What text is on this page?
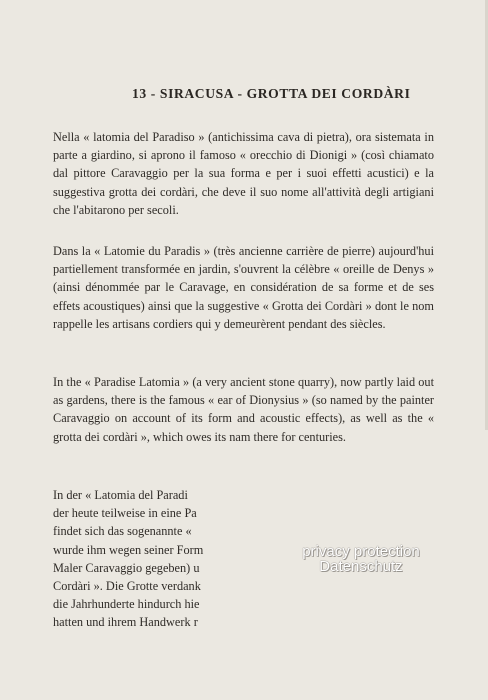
13 - SIRACUSA - GROTTA DEI CORDÀRI
Nella « latomia del Paradiso » (antichissima cava di pietra), ora sistemata in parte a giardino, si aprono il famoso « orecchio di Dionigi » (così chiamato dal pittore Caravaggio per la sua forma e per i suoi effetti acustici) e la suggestiva grotta dei cordàri, che deve il suo nome all'attività degli artigiani che l'abitarono per secoli.
Dans la « Latomie du Paradis » (très ancienne carrière de pierre) aujourd'hui partiellement transformée en jardin, s'ouvrent la célèbre « oreille de Denys » (ainsi dénommée par le Caravage, en considération de sa forme et de ses effets acoustiques) ainsi que la suggestive « Grotta dei Cordàri » dont le nom rappelle les artisans cordiers qui y demeurèrent pendant des siècles.
In the « Paradise Latomia » (a very ancient stone quarry), now partly laid out as gardens, there is the famous « ear of Dionysius » (so named by the painter Caravaggio on account of its form and acoustic effects), as well as the « grotta dei cordàri », which owes its nam there for centuries.
In der « Latomia del Paradi
der heute teilweise in eine Pa
findet sich das sogenannte «
wurde ihm wegen seiner Form
Maler Caravaggio gegeben) u
Cordàri ». Die Grotte verdank
die Jahrhunderte hindurch hie
hatten und ihrem Handwerk r
privacy protection
Datenschutz
